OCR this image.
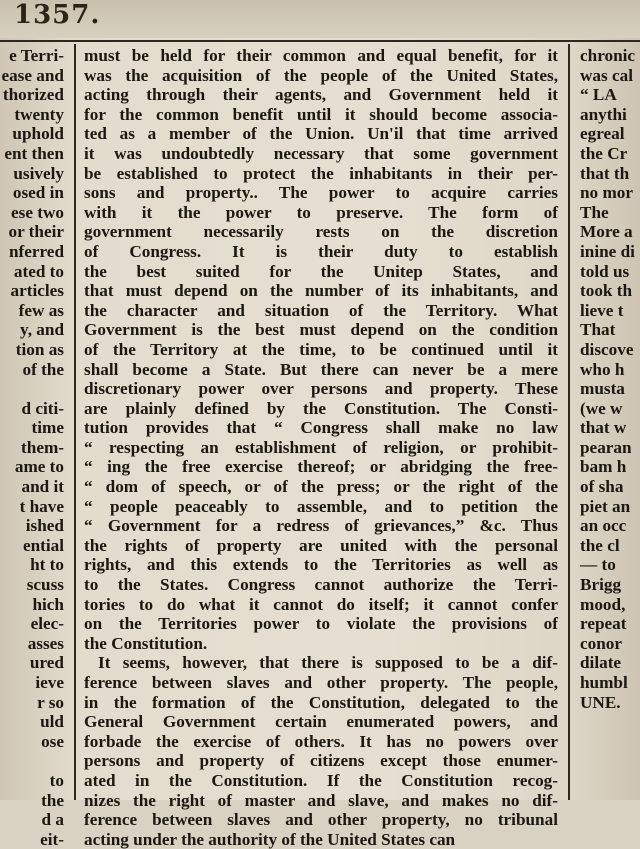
1357.
e Terri-
ease and
thorized
twenty
uphold
ent then
usively
osed in
ese two
or their
nferred
ated to
articles
few as
y, and
tion as
of the

d citi-
time
them-
ame to
and it
t have
ished
ential
ht to
scuss
hich
elec-
asses
ured
ieve
r so
uld
ose

to
the
d a
eit-
must be held for their common and equal benefit, for it
was the acquisition of the people of the United States,
acting through their agents, and Government held it
for the common benefit until it should become associa-
ted as a member of the Union. Un'il that time arrived
it was undoubtedly necessary that some government
be established to protect the inhabitants in their per-
sons and property.. The power to acquire carries
with it the power to preserve. The form of
government necessarily rests on the discretion
of Congress. It is their duty to establish
the best suited for the Unitep States, and
that must depend on the number of its inhabitants, and
the character and situation of the Territory. What
Government is the best must depend on the condition
of the Territory at the time, to be continued until it
shall become a State. But there can never be a mere
discretionary power over persons and property. These
are plainly defined by the Constitution. The Consti-
tution provides that “ Congress shall make no law
“ respecting an establishment of religion, or prohibit-
“ ing the free exercise thereof; or abridging the free-
“ dom of speech, or of the press; or the right of the
“ people peaceably to assemble, and to petition the
“ Government for a redress of grievances,” &c. Thus
the rights of property are united with the personal
rights, and this extends to the Territories as well as
to the States. Congress cannot authorize the Terri-
tories to do what it cannot do itself; it cannot confer
on the Territories power to violate the provisions of
the Constitution.
It seems, however, that there is supposed to be a dif-
ference between slaves and other property. The people,
in the formation of the Constitution, delegated to the
General Government certain enumerated powers, and
forbade the exercise of others. It has no powers over
persons and property of citizens except those enumer-
ated in the Constitution. If the Constitution recog-
nizes the right of master and slave, and makes no dif-
ference between slaves and other property, no tribunal
acting under the authority of the United States can
chronic
was cal
“ LA
anythi
egreal
the Cr
that th
no mor
The
More a
inine di
told us
took th
lieve t
That
discove
who h
musta
(we w
that w
pearan
bam h
of sha
piet an
an occ
the cl
— to
Brigg
mood,
repeat
conor
dilate
humbl
UNE.
